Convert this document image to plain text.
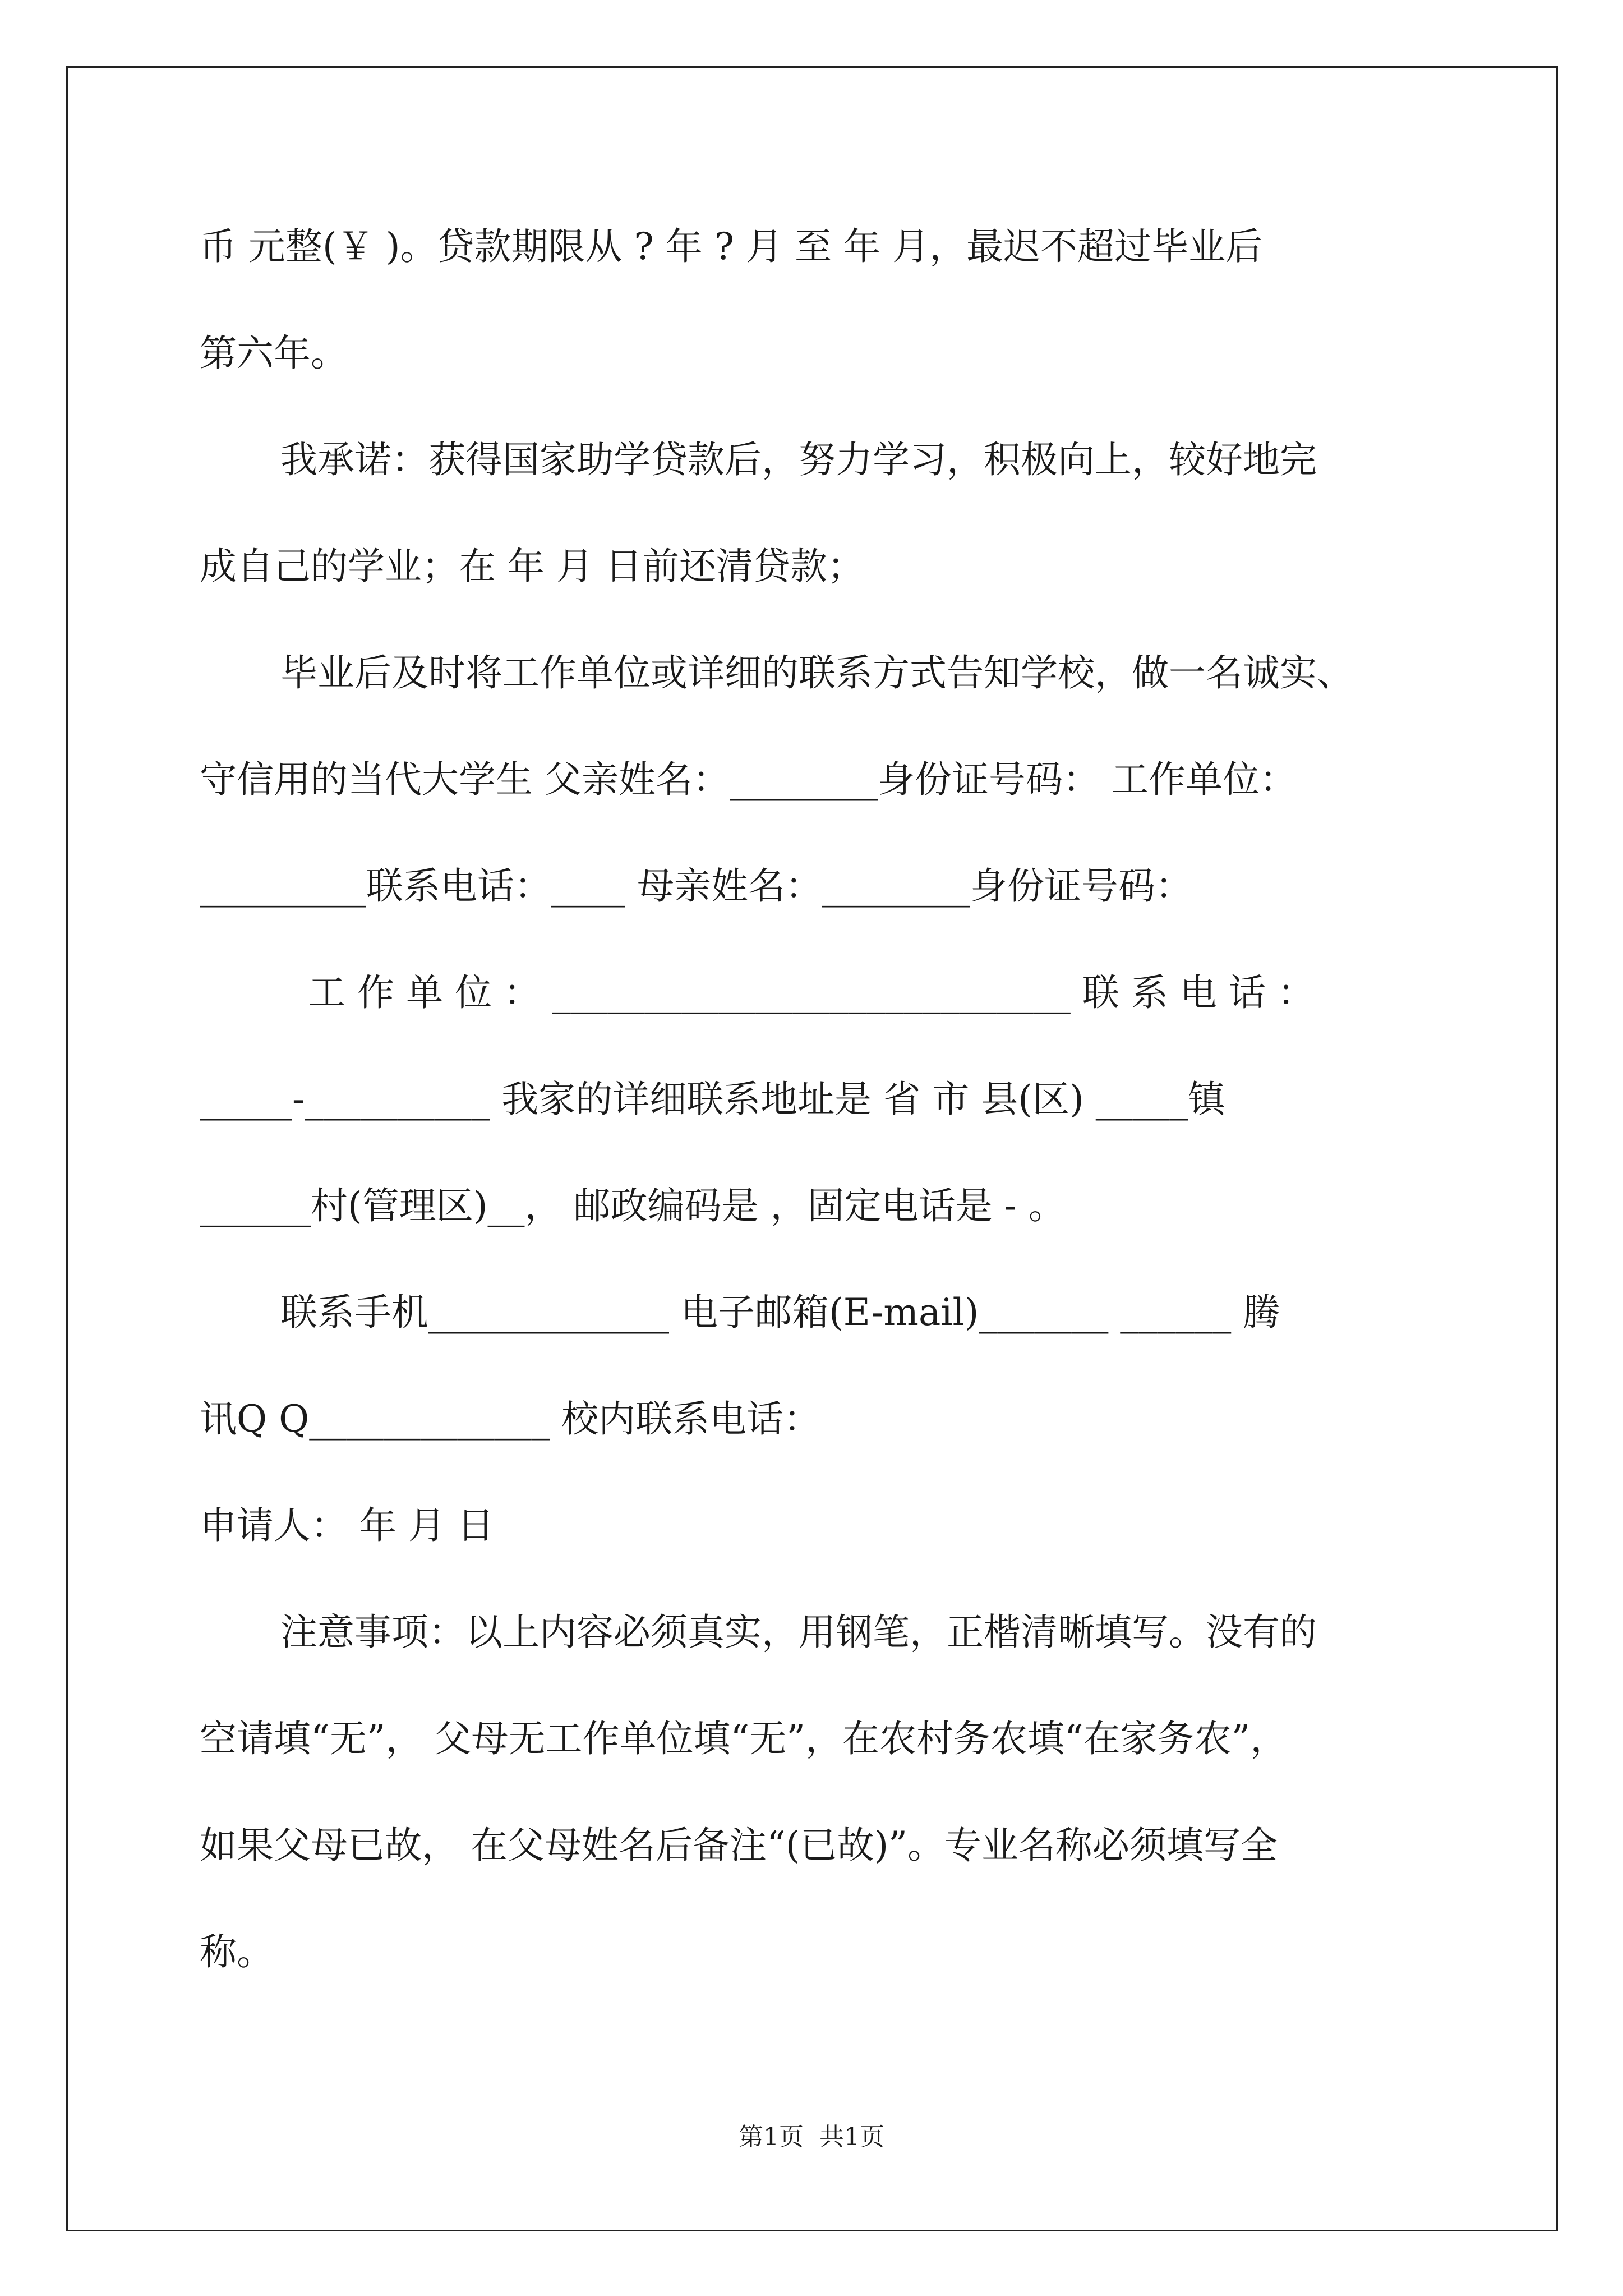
币 元整(￥ )。贷款期限从 ? 年 ? 月 至 年 月，最迟不超过毕业后
第六年。
我承诺：获得国家助学贷款后，努力学习，积极向上，较好地完
成自己的学业；在 年 月 日前还清贷款；
毕业后及时将工作单位或详细的联系方式告知学校，做一名诚实、
守信用的当代大学生 父亲姓名：________身份证号码： 工作单位：
_________联系电话：____ 母亲姓名：________身份证号码：
工 作 单 位 ： ____________________________ 联 系 电 话 ：
_____-__________ 我家的详细联系地址是 省 市 县(区) _____镇
______村(管理区)__， 邮政编码是 ，固定电话是 - 。
联系手机_____________ 电子邮箱(E-mail)_______ ______ 腾
讯Q Q_____________ 校内联系电话：
申请人： 年 月 日
注意事项：以上内容必须真实，用钢笔，正楷清晰填写。没有的
空请填“无”， 父母无工作单位填“无”，在农村务农填“在家务农”，
如果父母已故， 在父母姓名后备注“(已故)”。专业名称必须填写全
称。
第1页  共1页
